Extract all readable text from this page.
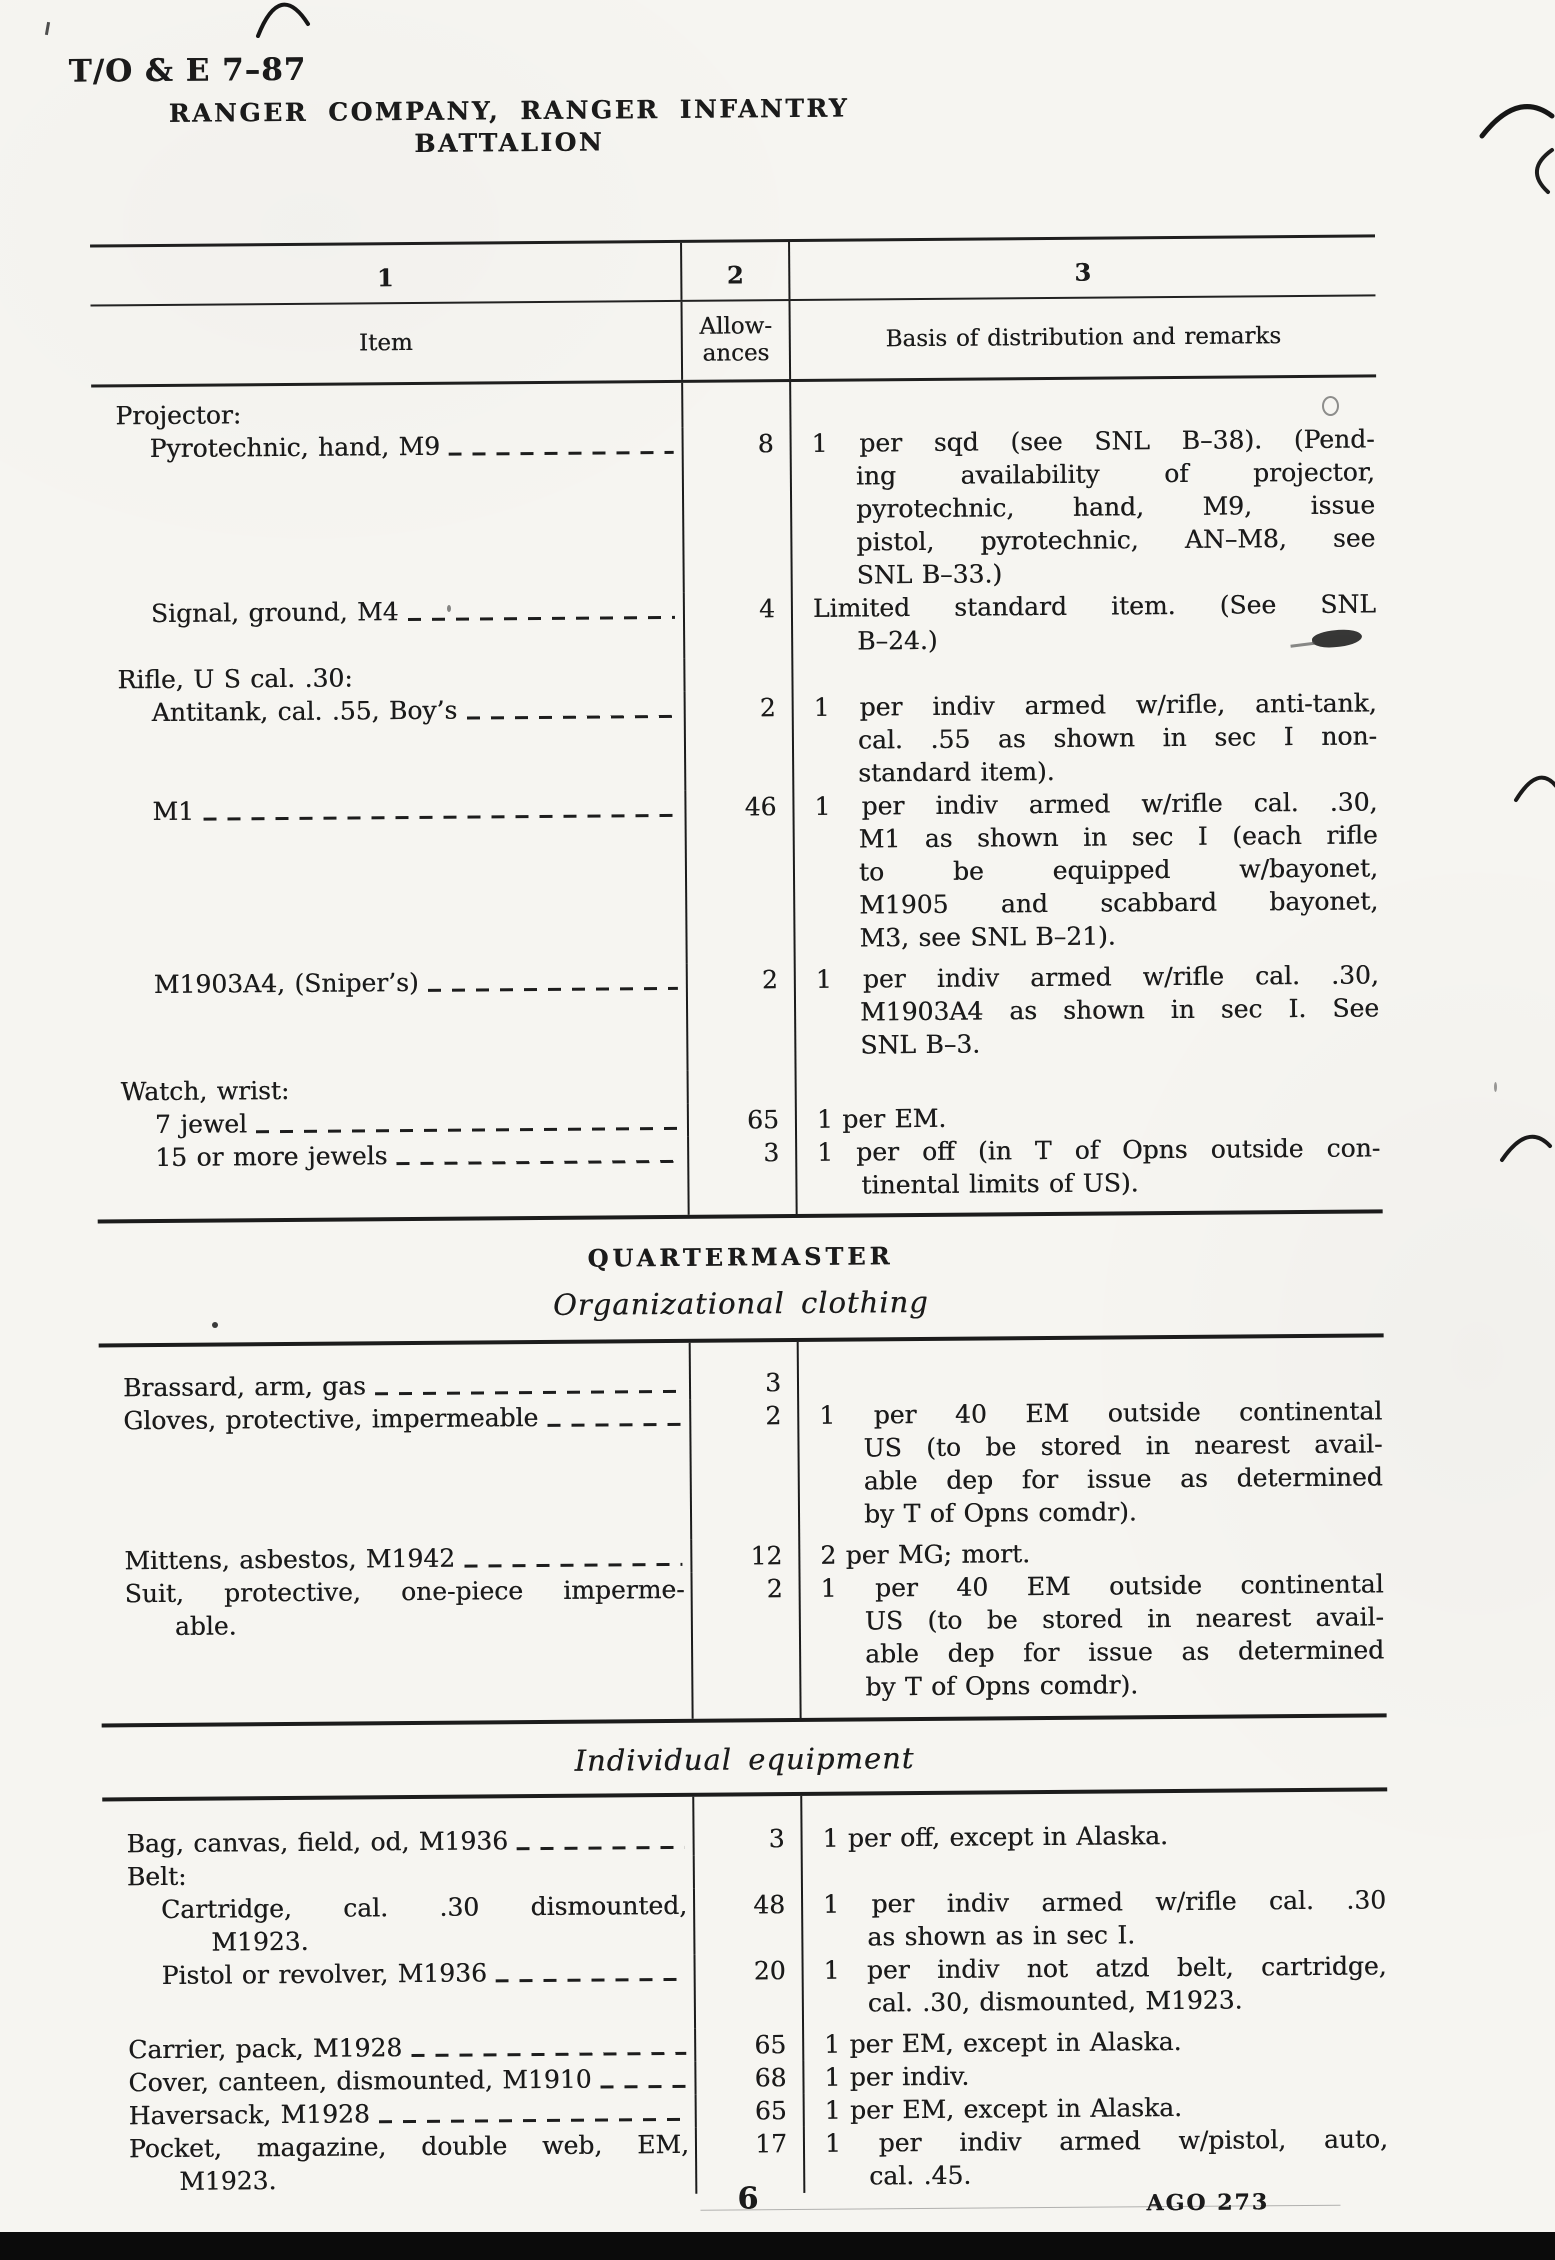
T/O & E 7–87
RANGER COMPANY, RANGER INFANTRY BATTALION
1	2	3
Item
Allow-
ances
Basis of distribution and remarks
Projector:
Pyrotechnic, hand, M9	8	1 per sqd (see SNL B–38). (Pend-
ing availability of projector,
pyrotechnic, hand, M9, issue
pistol, pyrotechnic, AN–M8, see
SNL B–33.)
Signal, ground, M4	4	Limited standard item. (See SNL
B–24.)
Rifle, U S cal. .30:
Antitank, cal. .55, Boy’s	2	1 per indiv armed w/rifle, anti-tank,
cal. .55 as shown in sec I non-
standard item).
M1	46	1 per indiv armed w/rifle cal. .30,
M1 as shown in sec I (each rifle
to be equipped w/bayonet,
M1905 and scabbard bayonet,
M3, see SNL B–21).
M1903A4, (Sniper’s)	2	1 per indiv armed w/rifle cal. .30,
M1903A4 as shown in sec I. See
SNL B–3.
Watch, wrist:
7 jewel	65	1 per EM.
15 or more jewels	3	1 per off (in T of Opns outside con-
tinental limits of US).
QUARTERMASTER
Organizational clothing
Brassard, arm, gas	3
Gloves, protective, impermeable	2	1 per 40 EM outside continental
US (to be stored in nearest avail-
able dep for issue as determined
by T of Opns comdr).
Mittens, asbestos, M1942	12	2 per MG; mort.
Suit, protective, one-piece imperme-
able.
2	1 per 40 EM outside continental
US (to be stored in nearest avail-
able dep for issue as determined
by T of Opns comdr).
Individual equipment
Bag, canvas, field, od, M1936	3	1 per off, except in Alaska.
Belt:
Cartridge, cal. .30 dismounted,
M1923.
48	1 per indiv armed w/rifle cal. .30
as shown as in sec I.
Pistol or revolver, M1936	20	1 per indiv not atzd belt, cartridge,
cal. .30, dismounted, M1923.
Carrier, pack, M1928	65	1 per EM, except in Alaska.
Cover, canteen, dismounted, M1910	68	1 per indiv.
Haversack, M1928	65	1 per EM, except in Alaska.
Pocket, magazine, double web, EM,
M1923.
17	1 per indiv armed w/pistol, auto,
cal. .45.
6	AGO 273
